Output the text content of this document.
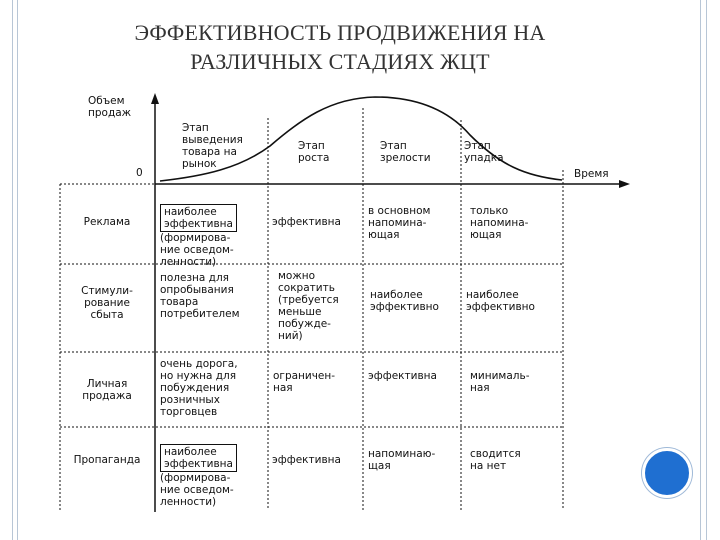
ЭФФЕКТИВНОСТЬ ПРОДВИЖЕНИЯ НА
РАЗЛИЧНЫХ СТАДИЯХ ЖЦТ
Объем
продаж
Время
0
Этап
выведения
товара на
рынок
Этап
роста
Этап
зрелости
Этап
упадка
Реклама

наиболее
эффективна

(формирова-
ние осведом-
ленности)

эффективна
в основном
напомина-
ющая
только
напомина-
ющая
Стимули-
рование
сбыта
полезна для
опробывания
товара
потребителем
можно
сократить
(требуется
меньше
побужде-
ний)
наиболее
эффективно
наиболее
эффективно
Личная
продажа
очень дорога,
но нужна для
побуждения
розничных
торговцев
ограничен-
ная
эффективна	минималь-
ная
Пропаганда

наиболее
эффективна

(формирова-
ние осведом-
ленности)

эффективна	напоминаю-
щая
сводится
на нет
